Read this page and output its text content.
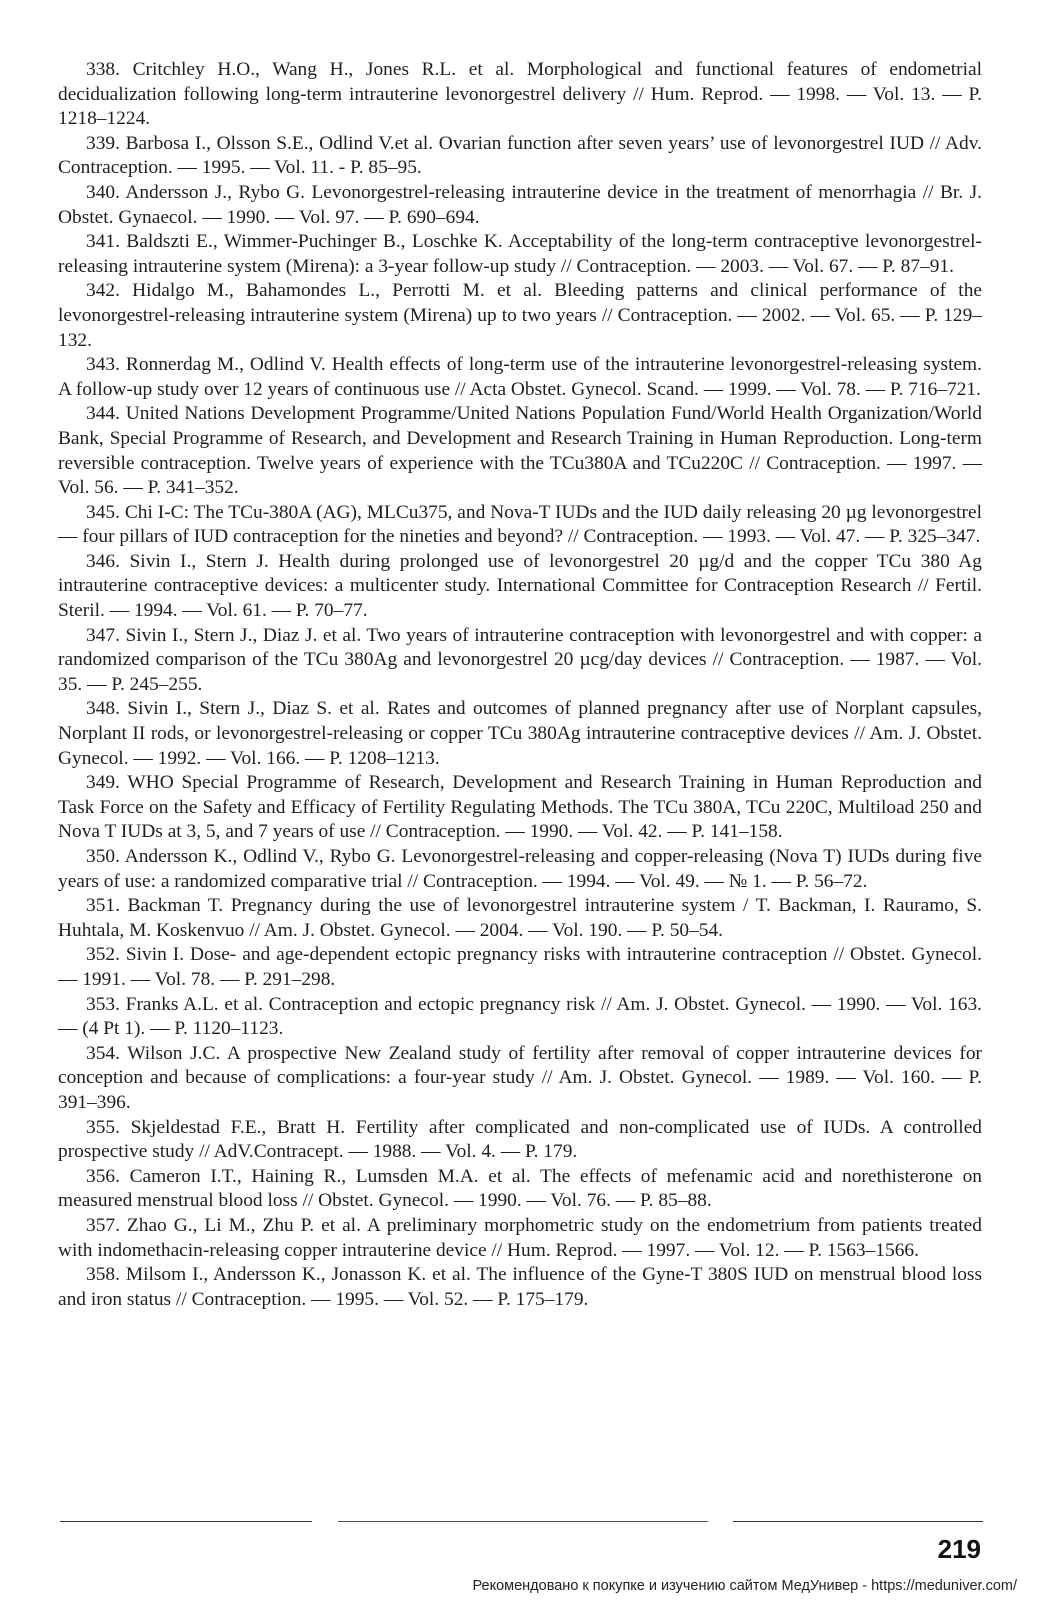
338. Critchley H.O., Wang H., Jones R.L. et al. Morphological and functional features of endometrial decidualization following long-term intrauterine levonorgestrel delivery // Hum. Reprod. — 1998. — Vol. 13. — P. 1218–1224.

339. Barbosa I., Olsson S.E., Odlind V.et al. Ovarian function after seven years’ use of levonorgestrel IUD // Adv. Contraception. — 1995. — Vol. 11. - P. 85–95.

340. Andersson J., Rybo G. Levonorgestrel-releasing intrauterine device in the treatment of menorrhagia // Br. J. Obstet. Gynaecol. — 1990. — Vol. 97. — P. 690–694.

341. Baldszti E., Wimmer-Puchinger B., Loschke K. Acceptability of the long-term contraceptive levonorgestrel-releasing intrauterine system (Mirena): a 3-year follow-up study // Contraception. — 2003. — Vol. 67. — P. 87–91.

342. Hidalgo M., Bahamondes L., Perrotti M. et al. Bleeding patterns and clinical performance of the levonorgestrel-releasing intrauterine system (Mirena) up to two years // Contraception. — 2002. — Vol. 65. — P. 129–132.

343. Ronnerdag M., Odlind V. Health effects of long-term use of the intrauterine levonorgestrel-releasing system. A follow-up study over 12 years of continuous use // Acta Obstet. Gynecol. Scand. — 1999. — Vol. 78. — P. 716–721.

344. United Nations Development Programme/United Nations Population Fund/World Health Organization/World Bank, Special Programme of Research, and Development and Research Training in Human Reproduction. Long-term reversible contraception. Twelve years of experience with the TCu380A and TCu220C // Contraception. — 1997. — Vol. 56. — P. 341–352.

345. Chi I-C: The TCu-380A (AG), MLCu375, and Nova-T IUDs and the IUD daily releasing 20 µg levonorgestrel — four pillars of IUD contraception for the nineties and beyond? // Contraception. — 1993. — Vol. 47. — P. 325–347.

346. Sivin I., Stern J. Health during prolonged use of levonorgestrel 20 µg/d and the copper TCu 380 Ag intrauterine contraceptive devices: a multicenter study. International Committee for Contraception Research // Fertil. Steril. — 1994. — Vol. 61. — P. 70–77.

347. Sivin I., Stern J., Diaz J. et al. Two years of intrauterine contraception with levonorgestrel and with copper: a randomized comparison of the TCu 380Ag and levonorgestrel 20 µcg/day devices // Contraception. — 1987. — Vol. 35. — P. 245–255.

348. Sivin I., Stern J., Diaz S. et al. Rates and outcomes of planned pregnancy after use of Norplant capsules, Norplant II rods, or levonorgestrel-releasing or copper TCu 380Ag intrauterine contraceptive devices // Am. J. Obstet. Gynecol. — 1992. — Vol. 166. — P. 1208–1213.

349. WHO Special Programme of Research, Development and Research Training in Human Reproduction and Task Force on the Safety and Efficacy of Fertility Regulating Methods. The TCu 380A, TCu 220C, Multiload 250 and Nova T IUDs at 3, 5, and 7 years of use // Contraception. — 1990. — Vol. 42. — P. 141–158.

350. Andersson K., Odlind V., Rybo G. Levonorgestrel-releasing and copper-releasing (Nova T) IUDs during five years of use: a randomized comparative trial // Contraception. — 1994. — Vol. 49. — № 1. — P. 56–72.

351. Backman T. Pregnancy during the use of levonorgestrel intrauterine system / T. Backman, I. Rauramo, S. Huhtala, M. Koskenvuo // Am. J. Obstet. Gynecol. — 2004. — Vol. 190. — P. 50–54.

352. Sivin I. Dose- and age-dependent ectopic pregnancy risks with intrauterine contraception // Obstet. Gynecol. — 1991. — Vol. 78. — P. 291–298.

353. Franks A.L. et al. Contraception and ectopic pregnancy risk // Am. J. Obstet. Gynecol. — 1990. — Vol. 163. — (4 Pt 1). — P. 1120–1123.

354. Wilson J.C. A prospective New Zealand study of fertility after removal of copper intrauterine devices for conception and because of complications: a four-year study // Am. J. Obstet. Gynecol. — 1989. — Vol. 160. — P. 391–396.

355. Skjeldestad F.E., Bratt H. Fertility after complicated and non-complicated use of IUDs. A controlled prospective study // AdV.Contracept. — 1988. — Vol. 4. — P. 179.

356. Cameron I.T., Haining R., Lumsden M.A. et al. The effects of mefenamic acid and norethisterone on measured menstrual blood loss // Obstet. Gynecol. — 1990. — Vol. 76. — P. 85–88.

357. Zhao G., Li M., Zhu P. et al. A preliminary morphometric study on the endometrium from patients treated with indomethacin-releasing copper intrauterine device // Hum. Reprod. — 1997. — Vol. 12. — P. 1563–1566.

358. Milsom I., Andersson K., Jonasson K. et al. The influence of the Gyne-T 380S IUD on menstrual blood loss and iron status // Contraception. — 1995. — Vol. 52. — P. 175–179.

219
Рекомендовано к покупке и изучению сайтом МедУнивер - https://meduniver.com/
